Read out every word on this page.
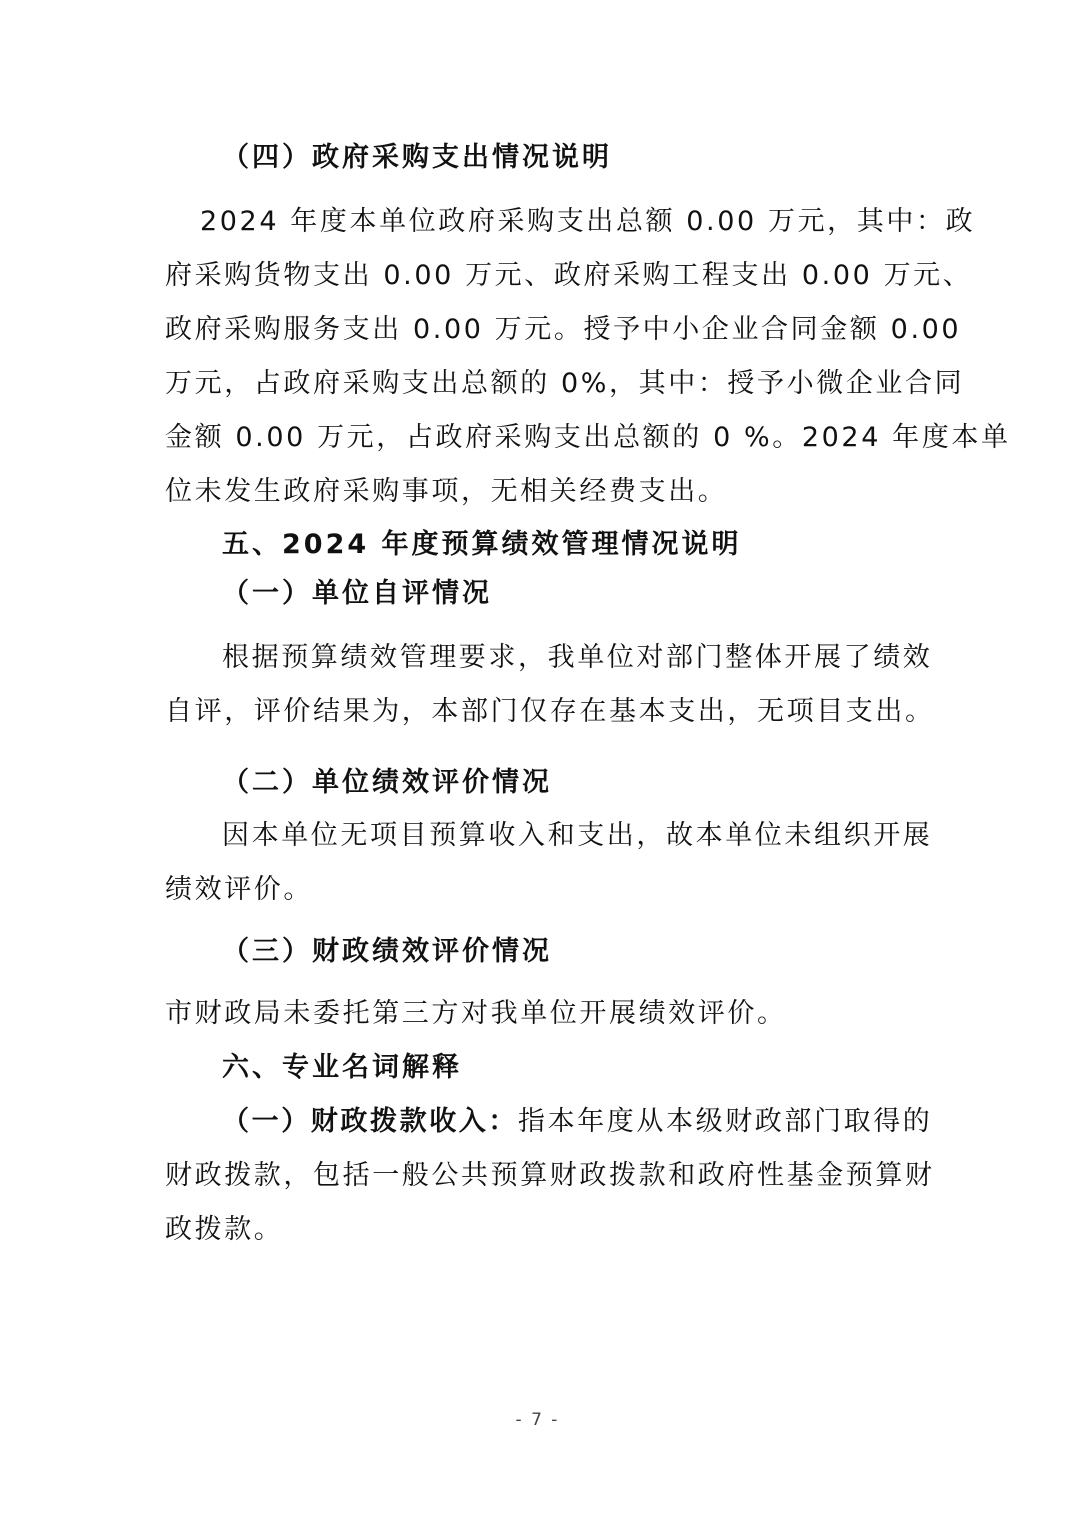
（四）政府采购支出情况说明
2024 年度本单位政府采购支出总额 0.00 万元，其中：政
府采购货物支出 0.00 万元、政府采购工程支出 0.00 万元、
政府采购服务支出 0.00 万元。授予中小企业合同金额 0.00
万元，占政府采购支出总额的 0%，其中：授予小微企业合同
金额 0.00 万元，占政府采购支出总额的 0 %。2024 年度本单
位未发生政府采购事项，无相关经费支出。
五、2024 年度预算绩效管理情况说明
（一）单位自评情况
根据预算绩效管理要求，我单位对部门整体开展了绩效
自评，评价结果为，本部门仅存在基本支出，无项目支出。
（二）单位绩效评价情况
因本单位无项目预算收入和支出，故本单位未组织开展
绩效评价。
（三）财政绩效评价情况
市财政局未委托第三方对我单位开展绩效评价。
六、专业名词解释
（一）财政拨款收入：指本年度从本级财政部门取得的
财政拨款，包括一般公共预算财政拨款和政府性基金预算财
政拨款。
- 7 -
